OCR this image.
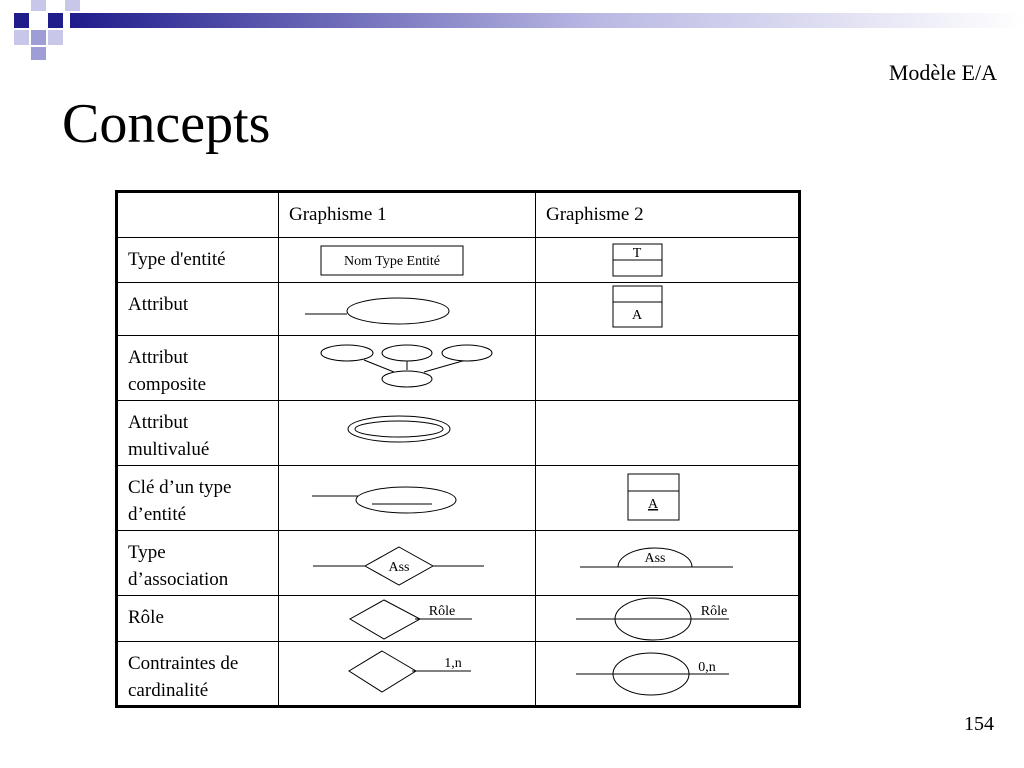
Modèle E/A
Concepts

	Graphisme 1	Graphisme 2

Type d'entité	Nom Type Entité	T

Attribut		A

Attribut composite

Attribut multivalué

Clé d’un type d’entité		A

Type d’association	Ass	Ass

Rôle	Rôle	Rôle

Contraintes de cardinalité	1,n	0,n
154
